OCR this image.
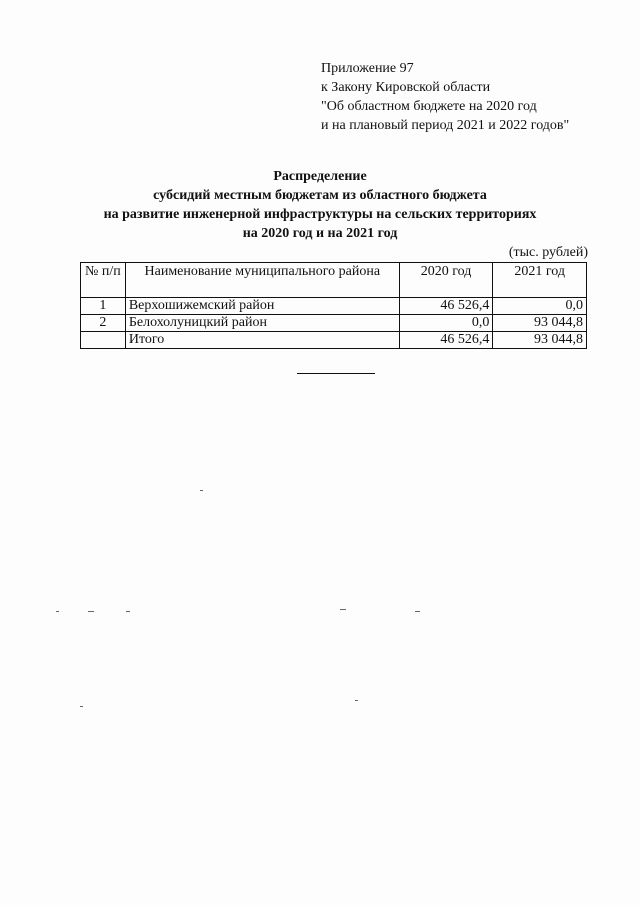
Приложение 97
к Закону Кировской области
"Об областном бюджете на 2020 год
и на плановый период 2021 и 2022 годов"
Распределение
субсидий местным бюджетам из областного бюджета
на развитие инженерной инфраструктуры на сельских территориях
на 2020 год и на 2021 год
(тыс. рублей)
№ п/п	Наименование муниципального района	2020 год	2021 год
1	Верхошижемский район	46 526,4	0,0
2	Белохолуницкий район	0,0	93 044,8
	Итого	46 526,4	93 044,8
